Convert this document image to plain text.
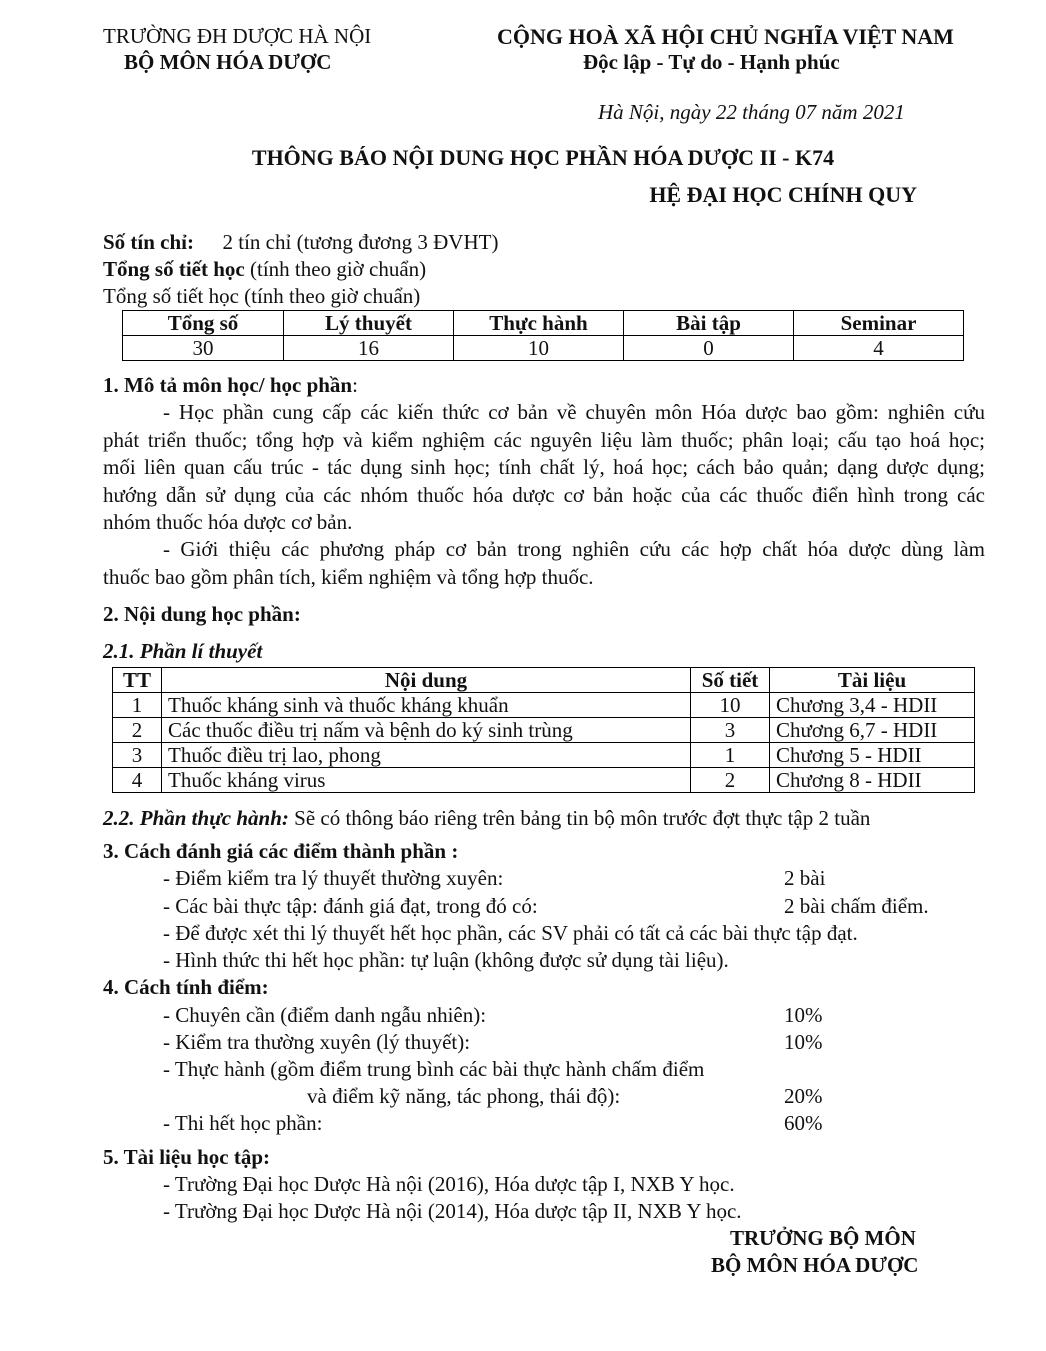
TRƯỜNG ĐH DƯỢC HÀ NỘI
BỘ MÔN HÓA DƯỢC
CỘNG HOÀ XÃ HỘI CHỦ NGHĨA VIỆT NAM
Độc lập - Tự do - Hạnh phúc
Hà Nội, ngày 22 tháng 07 năm 2021
THÔNG BÁO NỘI DUNG HỌC PHẦN HÓA DƯỢC II - K74
HỆ ĐẠI HỌC CHÍNH QUY
Số tín chỉ: 2 tín chỉ (tương đương 3 ĐVHT)
Tổng số tiết học (tính theo giờ chuẩn)
Tổng số tiết học (tính theo giờ chuẩn)
Tổng số	Lý thuyết	Thực hành	Bài tập	Seminar
30	16	10	0	4
1. Mô tả môn học/ học phần:
- Học phần cung cấp các kiến thức cơ bản về chuyên môn Hóa dược bao gồm: nghiên cứu
phát triển thuốc; tổng hợp và kiểm nghiệm các nguyên liệu làm thuốc; phân loại; cấu tạo hoá học;
mối liên quan cấu trúc - tác dụng sinh học; tính chất lý, hoá học; cách bảo quản; dạng dược dụng;
hướng dẫn sử dụng của các nhóm thuốc hóa dược cơ bản hoặc của các thuốc điển hình trong các
nhóm thuốc hóa dược cơ bản.
- Giới thiệu các phương pháp cơ bản trong nghiên cứu các hợp chất hóa dược dùng làm
thuốc bao gồm phân tích, kiểm nghiệm và tổng hợp thuốc.
2. Nội dung học phần:
2.1. Phần lí thuyết
TT	Nội dung	Số tiết	Tài liệu
1	Thuốc kháng sinh và thuốc kháng khuẩn	10	Chương 3,4 - HDII
2	Các thuốc điều trị nấm và bệnh do ký sinh trùng	3	Chương 6,7 - HDII
3	Thuốc điều trị lao, phong	1	Chương 5 - HDII
4	Thuốc kháng virus	2	Chương 8 - HDII
2.2. Phần thực hành: Sẽ có thông báo riêng trên bảng tin bộ môn trước đợt thực tập 2 tuần
3. Cách đánh giá các điểm thành phần :
- Điểm kiểm tra lý thuyết thường xuyên:	2 bài
- Các bài thực tập: đánh giá đạt, trong đó có:	2 bài chấm điểm.
- Để được xét thi lý thuyết hết học phần, các SV phải có tất cả các bài thực tập đạt.
- Hình thức thi hết học phần: tự luận (không được sử dụng tài liệu).
4. Cách tính điểm:
- Chuyên cần (điểm danh ngẫu nhiên):	10%
- Kiểm tra thường xuyên (lý thuyết):	10%
- Thực hành (gồm điểm trung bình các bài thực hành chấm điểm
và điểm kỹ năng, tác phong, thái độ):	20%
- Thi hết học phần:	60%
5. Tài liệu học tập:
- Trường Đại học Dược Hà nội (2016), Hóa dược tập I, NXB Y học.
- Trường Đại học Dược Hà nội (2014), Hóa dược tập II, NXB Y học.
TRƯỞNG BỘ MÔN
BỘ MÔN HÓA DƯỢC
